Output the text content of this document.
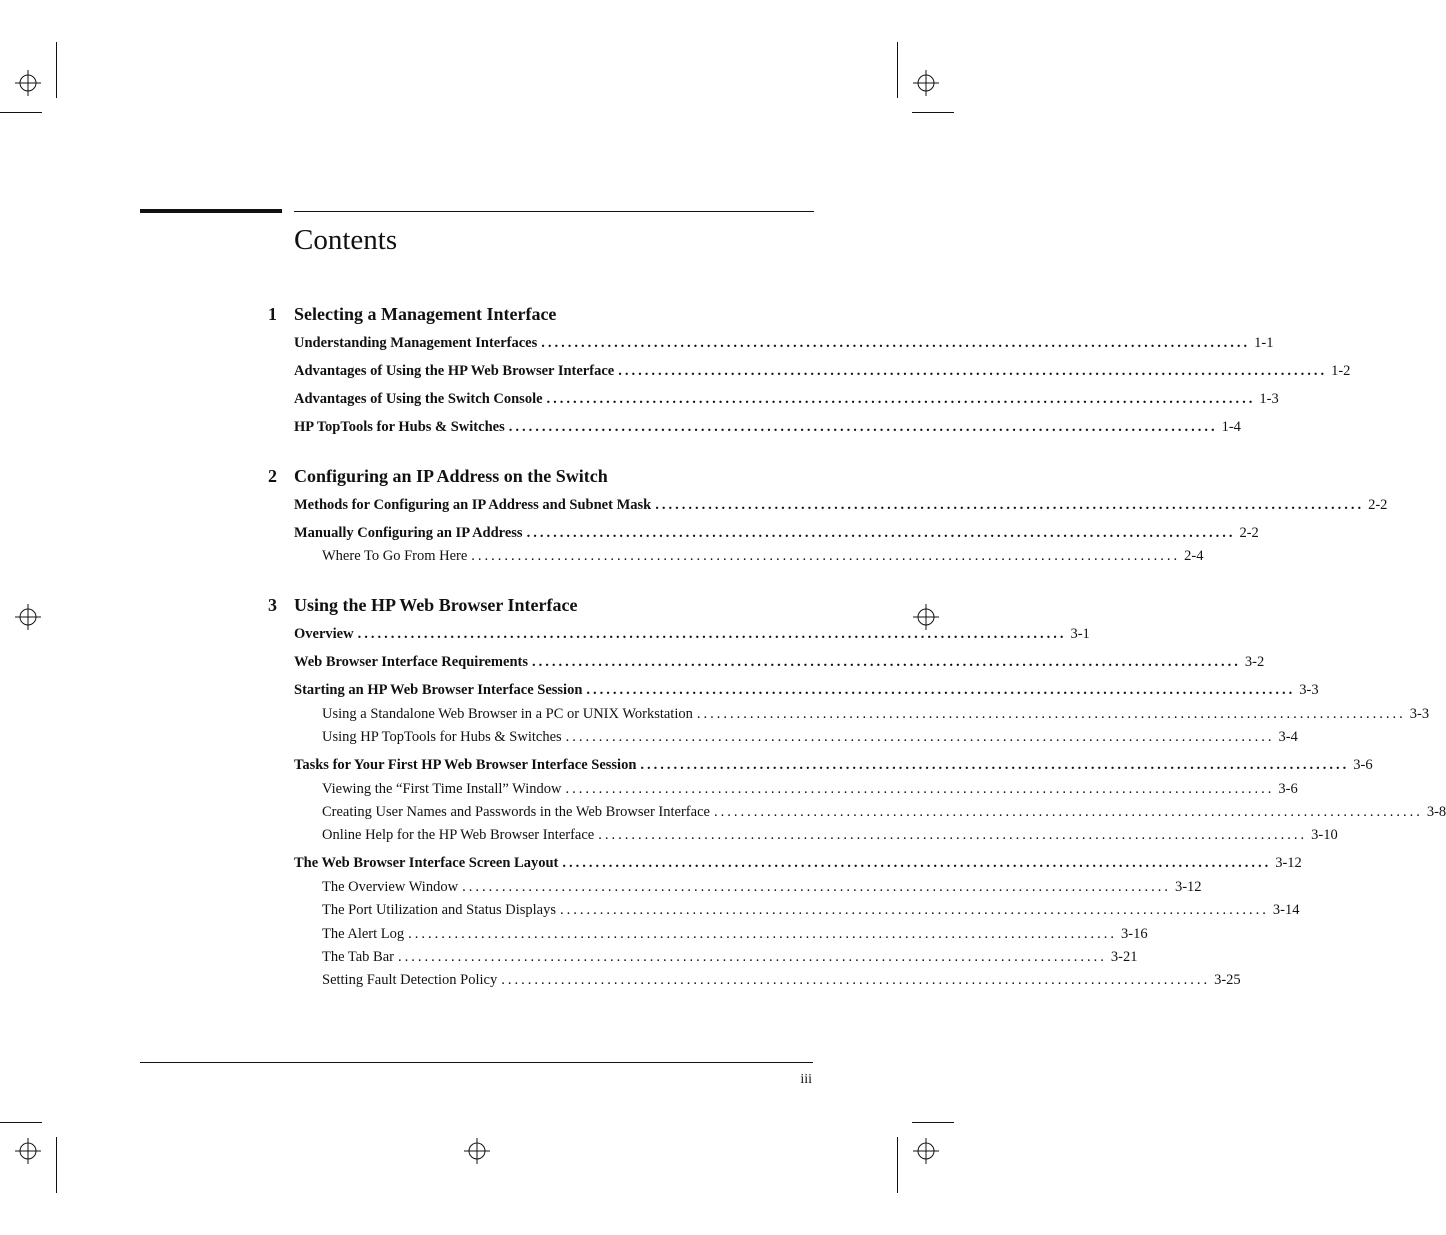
Contents
1 Selecting a Management Interface
Understanding Management Interfaces ........................................................................................................... 1-1
Advantages of Using the HP Web Browser Interface ........................................................................................................... 1-2
Advantages of Using the Switch Console ........................................................................................................... 1-3
HP TopTools for Hubs & Switches ........................................................................................................... 1-4
2 Configuring an IP Address on the Switch
Methods for Configuring an IP Address and Subnet Mask ........................................................................................................... 2-2
Manually Configuring an IP Address ........................................................................................................... 2-2
Where To Go From Here ........................................................................................................... 2-4
3 Using the HP Web Browser Interface
Overview ........................................................................................................... 3-1
Web Browser Interface Requirements ........................................................................................................... 3-2
Starting an HP Web Browser Interface Session ........................................................................................................... 3-3
Using a Standalone Web Browser in a PC or UNIX Workstation ........................................................................................................... 3-3
Using HP TopTools for Hubs & Switches ........................................................................................................... 3-4
Tasks for Your First HP Web Browser Interface Session ........................................................................................................... 3-6
Viewing the “First Time Install” Window ........................................................................................................... 3-6
Creating User Names and Passwords in the Web Browser Interface ........................................................................................................... 3-8
Online Help for the HP Web Browser Interface ........................................................................................................... 3-10
The Web Browser Interface Screen Layout ........................................................................................................... 3-12
The Overview Window ........................................................................................................... 3-12
The Port Utilization and Status Displays ........................................................................................................... 3-14
The Alert Log ........................................................................................................... 3-16
The Tab Bar ........................................................................................................... 3-21
Setting Fault Detection Policy ........................................................................................................... 3-25
iii
